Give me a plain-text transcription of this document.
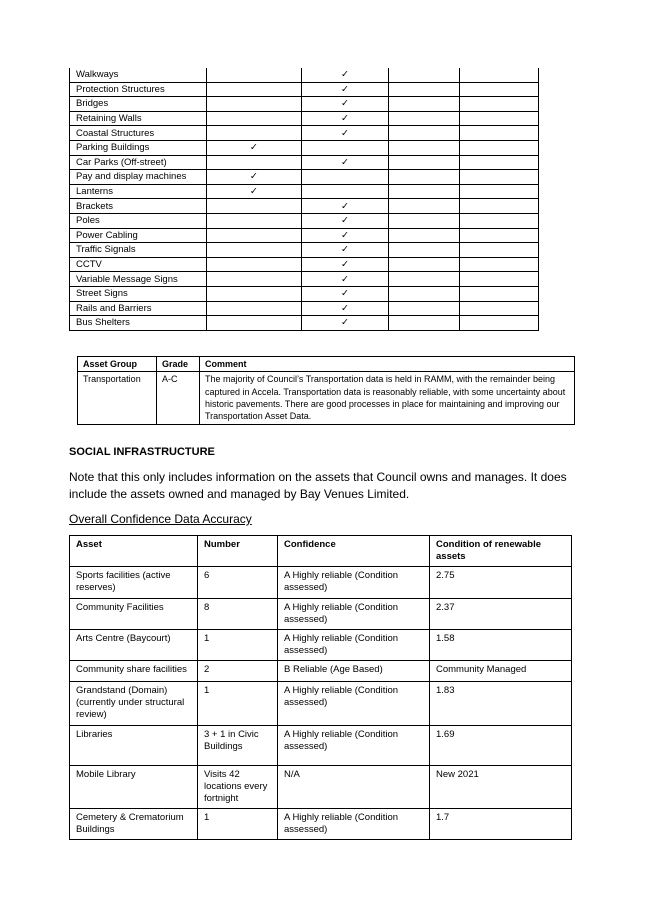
Walkways		✓		
Protection Structures		✓		
Bridges		✓		
Retaining Walls		✓		
Coastal Structures		✓		
Parking Buildings	✓			
Car Parks (Off-street)		✓		
Pay and display machines	✓			
Lanterns	✓			
Brackets		✓		
Poles		✓		
Power Cabling		✓		
Traffic Signals		✓		
CCTV		✓		
Variable Message Signs		✓		
Street Signs		✓		
Rails and Barriers		✓		
Bus Shelters		✓		
Asset Group	Grade	Comment
Transportation	A-C	The majority of Council’s Transportation data is held in RAMM, with the remainder being captured in Accela. Transportation data is reasonably reliable, with some uncertainty about historic pavements. There are good processes in place for maintaining and improving our Transportation Asset Data.
SOCIAL INFRASTRUCTURE
Note that this only includes information on the assets that Council owns and manages. It does include the assets owned and managed by Bay Venues Limited.
Overall Confidence Data Accuracy
Asset	Number	Confidence	Condition of renewable assets
Sports facilities (active reserves)	6	A Highly reliable (Condition assessed)	2.75
Community Facilities	8	A Highly reliable (Condition assessed)	2.37
Arts Centre (Baycourt)	1	A Highly reliable (Condition assessed)	1.58
Community share facilities	2	B Reliable (Age Based)	Community Managed
Grandstand (Domain) (currently under structural review)	1	A Highly reliable (Condition assessed)	1.83
Libraries	3 + 1 in Civic Buildings	A Highly reliable (Condition assessed)	1.69
Mobile Library	Visits 42 locations every fortnight	N/A	New 2021
Cemetery & Crematorium Buildings	1	A Highly reliable (Condition assessed)	1.7
